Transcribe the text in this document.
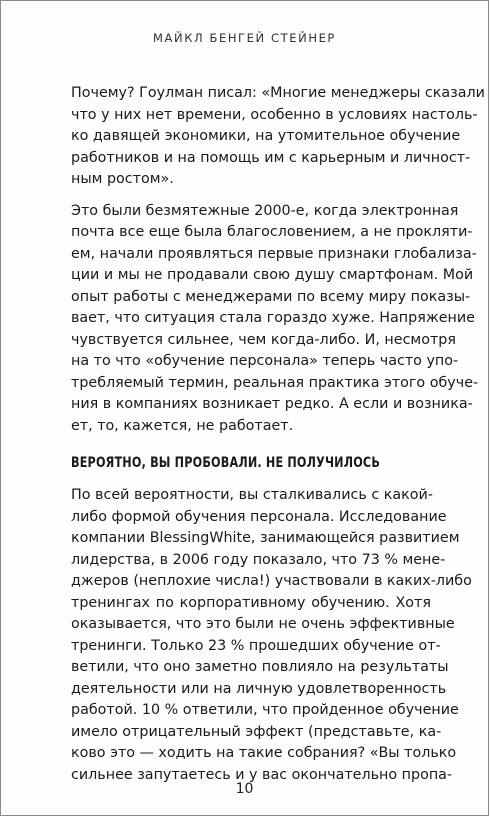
МАЙКЛ БЕНГЕЙ СТЕЙНЕР
Почему? Гоулман писал: «Многие менеджеры сказали
что у них нет времени, особенно в условиях настоль-
ко давящей экономики, на утомительное обучение
работников и на помощь им с карьерным и личност-
ным ростом».
Это были безмятежные 2000-е, когда электронная
почта все еще была благословением, а не прокляти-
ем, начали проявляться первые признаки глобализа-
ции и мы не продавали свою душу смартфонам. Мой
опыт работы с менеджерами по всему миру показы-
вает, что ситуация стала гораздо хуже. Напряжение
чувствуется сильнее, чем когда-либо. И, несмотря
на то что «обучение персонала» теперь часто упо-
требляемый термин, реальная практика этого обуче-
ния в компаниях возникает редко. А если и возника-
ет, то, кажется, не работает.
ВЕРОЯТНО, ВЫ ПРОБОВАЛИ. НЕ ПОЛУЧИЛОСЬ
По всей вероятности, вы сталкивались с какой-
либо формой обучения персонала. Исследование
компании BlessingWhite, занимающейся развитием
лидерства, в 2006 году показало, что 73 % мене-
джеров (неплохие числа!) участвовали в каких-либо
тренингах по корпоративному обучению. Хотя
оказывается, что это были не очень эффективные
тренинги. Только 23 % прошедших обучение от-
ветили, что оно заметно повлияло на результаты
деятельности или на личную удовлетворенность
работой. 10 % ответили, что пройденное обучение
имело отрицательный эффект (представьте, ка-
ково это — ходить на такие собрания? «Вы только
сильнее запутаетесь и у вас окончательно пропа-
10
